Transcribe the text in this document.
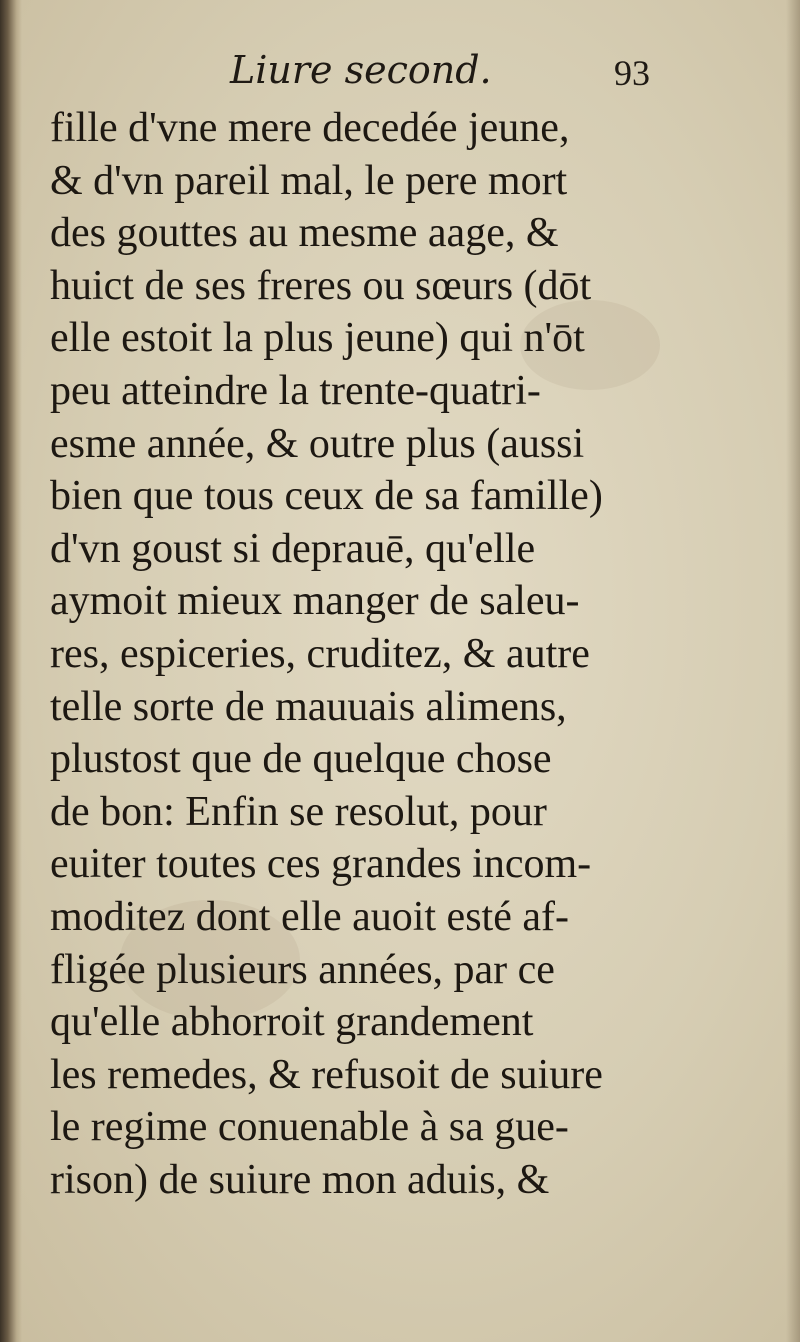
Liure second.	93
fille d'vne mere decedée jeune,
& d'vn pareil mal, le pere mort
des gouttes au mesme aage, &
huict de ses freres ou sœurs (dōt
elle estoit la plus jeune) qui n'ōt
peu atteindre la trente-quatri-
esme année, & outre plus (aussi
bien que tous ceux de sa famille)
d'vn goust si deprauē, qu'elle
aymoit mieux manger de saleu-
res, espiceries, cruditez, & autre
telle sorte de mauuais alimens,
plustost que de quelque chose
de bon: Enfin se resolut, pour
euiter toutes ces grandes incom-
moditez dont elle auoit esté af-
fligée plusieurs années, par ce
qu'elle abhorroit grandement
les remedes, & refusoit de suiure
le regime conuenable à sa gue-
rison) de suiure mon aduis, &
